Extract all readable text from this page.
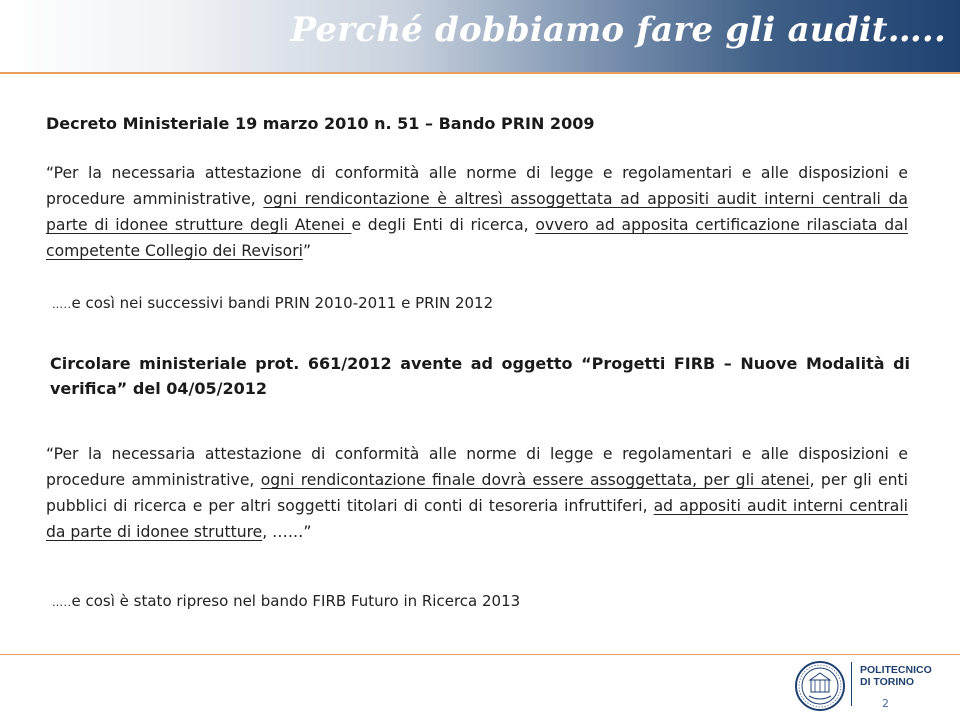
Perché dobbiamo fare gli audit…..
Decreto Ministeriale 19 marzo 2010 n. 51 – Bando PRIN 2009
“Per la necessaria attestazione di conformità alle norme di legge e regolamentari e alle disposizioni e procedure amministrative, ogni rendicontazione è altresì assoggettata ad appositi audit interni centrali da parte di idonee strutture degli Atenei e degli Enti di ricerca, ovvero ad apposita certificazione rilasciata dal competente Collegio dei Revisori”
…..e così nei successivi bandi PRIN 2010-2011 e PRIN 2012
Circolare ministeriale prot. 661/2012 avente ad oggetto “Progetti FIRB – Nuove Modalità di verifica” del 04/05/2012
“Per la necessaria attestazione di conformità alle norme di legge e regolamentari e alle disposizioni e procedure amministrative, ogni rendicontazione finale dovrà essere assoggettata, per gli atenei, per gli enti pubblici di ricerca e per altri soggetti titolari di conti di tesoreria infruttiferi, ad appositi audit interni centrali da parte di idonee strutture, ……”
…..e così è stato ripreso nel bando FIRB Futuro in Ricerca 2013
POLITECNICO
DI TORINO
2
